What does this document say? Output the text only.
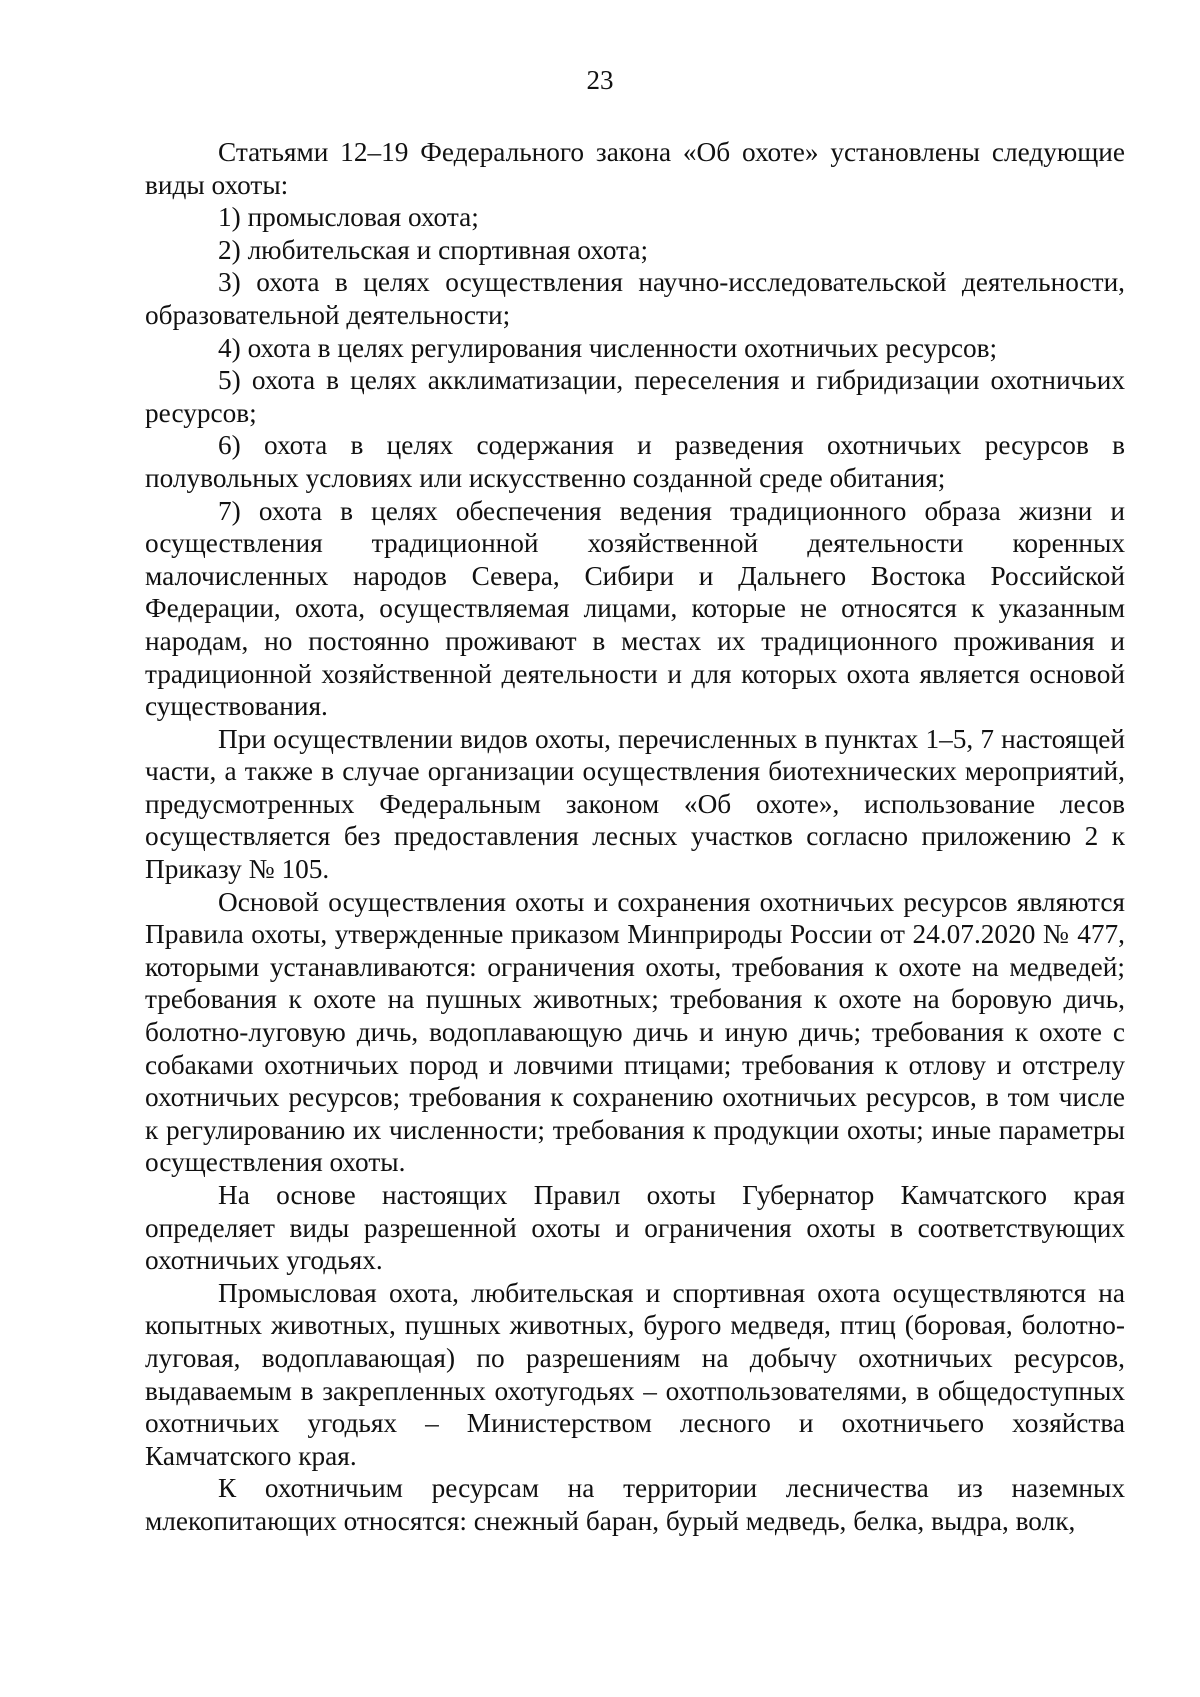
23

Статьями 12–19 Федерального закона «Об охоте» установлены следующие виды охоты:

1) промысловая охота;

2) любительская и спортивная охота;

3) охота в целях осуществления научно-исследовательской деятельности, образовательной деятельности;

4) охота в целях регулирования численности охотничьих ресурсов;

5) охота в целях акклиматизации, переселения и гибридизации охотничьих ресурсов;

6) охота в целях содержания и разведения охотничьих ресурсов в полувольных условиях или искусственно созданной среде обитания;

7) охота в целях обеспечения ведения традиционного образа жизни и осуществления традиционной хозяйственной деятельности коренных малочисленных народов Севера, Сибири и Дальнего Востока Российской Федерации, охота, осуществляемая лицами, которые не относятся к указанным народам, но постоянно проживают в местах их традиционного проживания и традиционной хозяйственной деятельности и для которых охота является основой существования.

При осуществлении видов охоты, перечисленных в пунктах 1–5, 7 настоящей части, а также в случае организации осуществления биотехнических мероприятий, предусмотренных Федеральным законом «Об охоте», использование лесов осуществляется без предоставления лесных участков согласно приложению 2 к Приказу № 105.

Основой осуществления охоты и сохранения охотничьих ресурсов являются Правила охоты, утвержденные приказом Минприроды России от 24.07.2020 № 477, которыми устанавливаются: ограничения охоты, требования к охоте на медведей; требования к охоте на пушных животных; требования к охоте на боровую дичь, болотно-луговую дичь, водоплавающую дичь и иную дичь; требования к охоте с собаками охотничьих пород и ловчими птицами; требования к отлову и отстрелу охотничьих ресурсов; требования к сохранению охотничьих ресурсов, в том числе к регулированию их численности; требования к продукции охоты; иные параметры осуществления охоты.

На основе настоящих Правил охоты Губернатор Камчатского края определяет виды разрешенной охоты и ограничения охоты в соответствующих охотничьих угодьях.

Промысловая охота, любительская и спортивная охота осуществляются на копытных животных, пушных животных, бурого медведя, птиц (боровая, болотно-луговая, водоплавающая) по разрешениям на добычу охотничьих ресурсов, выдаваемым в закрепленных охотугодьях – охотпользователями, в общедоступных охотничьих угодьях – Министерством лесного и охотничьего хозяйства Камчатского края.

К охотничьим ресурсам на территории лесничества из наземных млекопитающих относятся: снежный баран, бурый медведь, белка, выдра, волк,
